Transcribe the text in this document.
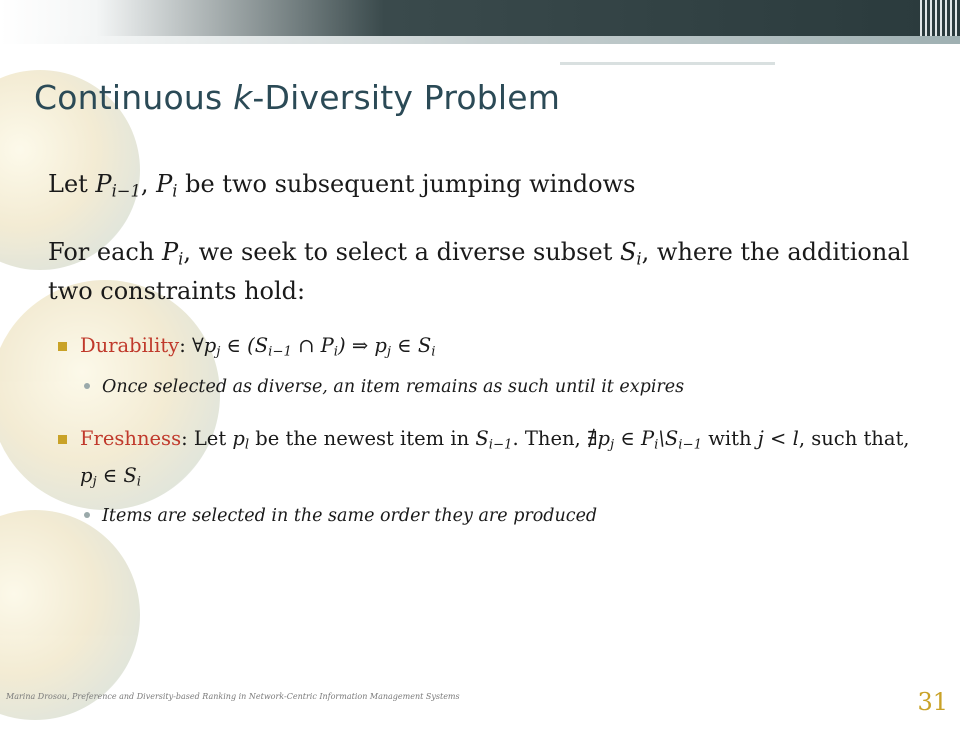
Continuous k-Diversity Problem

Let $P_{i-1}$, $P_i$ be two subsequent jumping windows

For each $P_i$, we seek to select a diverse subset $S_i$, where the additional two constraints hold:

Durability: $\forall p_j$ ∈ ($S_{i-1}$ ∩ $P_i$) ⇒ $p_j$ ∈ $S_i$
Once selected as diverse, an item remains as such until it expires
Freshness: Let $p_l$ be the newest item in $S_{i-1}$. Then, $∄p_j$ ∈ $P_i\backslash S_{i-1}$ with j < l, such that, $p_j$ ∈ $S_i$
Items are selected in the same order they are produced
Marina Drosou, Preference and Diversity-based Ranking in Network-Centric Information Management Systems	31
